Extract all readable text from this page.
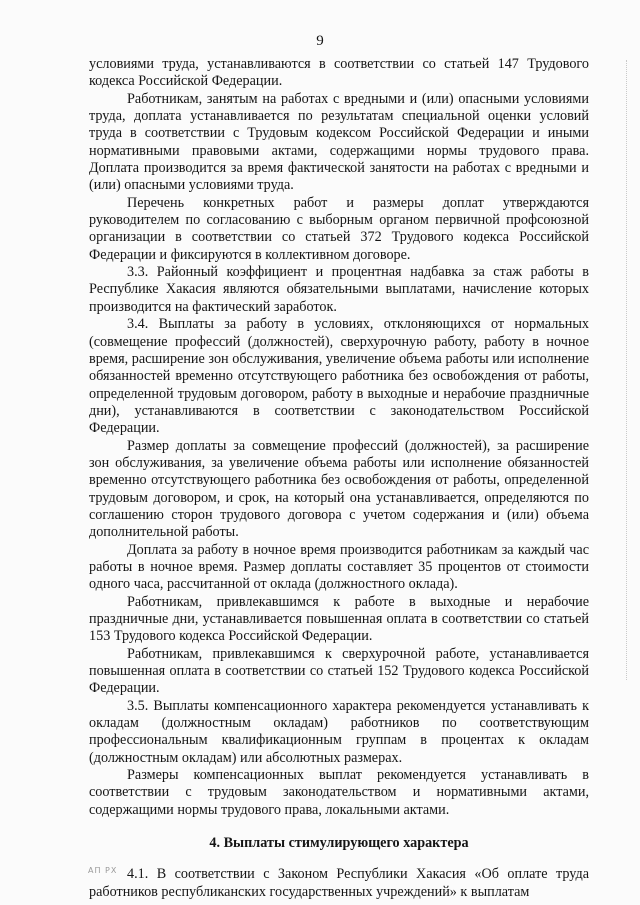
9

условиями труда, устанавливаются в соответствии со статьей 147 Трудового кодекса Российской Федерации.

Работникам, занятым на работах с вредными и (или) опасными условиями труда, доплата устанавливается по результатам специальной оценки условий труда в соответствии с Трудовым кодексом Российской Федерации и иными нормативными правовыми актами, содержащими нормы трудового права. Доплата производится за время фактической занятости на работах с вредными и (или) опасными условиями труда.

Перечень конкретных работ и размеры доплат утверждаются руководителем по согласованию с выборным органом первичной профсоюзной организации в соответствии со статьей 372 Трудового кодекса Российской Федерации и фиксируются в коллективном договоре.

3.3. Районный коэффициент и процентная надбавка за стаж работы в Республике Хакасия являются обязательными выплатами, начисление которых производится на фактический заработок.

3.4. Выплаты за работу в условиях, отклоняющихся от нормальных (совмещение профессий (должностей), сверхурочную работу, работу в ночное время, расширение зон обслуживания, увеличение объема работы или исполнение обязанностей временно отсутствующего работника без освобождения от работы, определенной трудовым договором, работу в выходные и нерабочие праздничные дни), устанавливаются в соответствии с законодательством Российской Федерации.

Размер доплаты за совмещение профессий (должностей), за расширение зон обслуживания, за увеличение объема работы или исполнение обязанностей временно отсутствующего работника без освобождения от работы, определенной трудовым договором, и срок, на который она устанавливается, определяются по соглашению сторон трудового договора с учетом содержания и (или) объема дополнительной работы.

Доплата за работу в ночное время производится работникам за каждый час работы в ночное время. Размер доплаты составляет 35 процентов от стоимости одного часа, рассчитанной от оклада (должностного оклада).

Работникам, привлекавшимся к работе в выходные и нерабочие праздничные дни, устанавливается повышенная оплата в соответствии со статьей 153 Трудового кодекса Российской Федерации.

Работникам, привлекавшимся к сверхурочной работе, устанавливается повышенная оплата в соответствии со статьей 152 Трудового кодекса Российской Федерации.

3.5. Выплаты компенсационного характера рекомендуется устанавливать к окладам (должностным окладам) работников по соответствующим профессиональным квалификационным группам в процентах к окладам (должностным окладам) или абсолютных размерах.

Размеры компенсационных выплат рекомендуется устанавливать в соответствии с трудовым законодательством и нормативными актами, содержащими нормы трудового права, локальными актами.

4. Выплаты стимулирующего характера

4.1. В соответствии с Законом Республики Хакасия «Об оплате труда работников республиканских государственных учреждений» к выплатам

АП РХ
